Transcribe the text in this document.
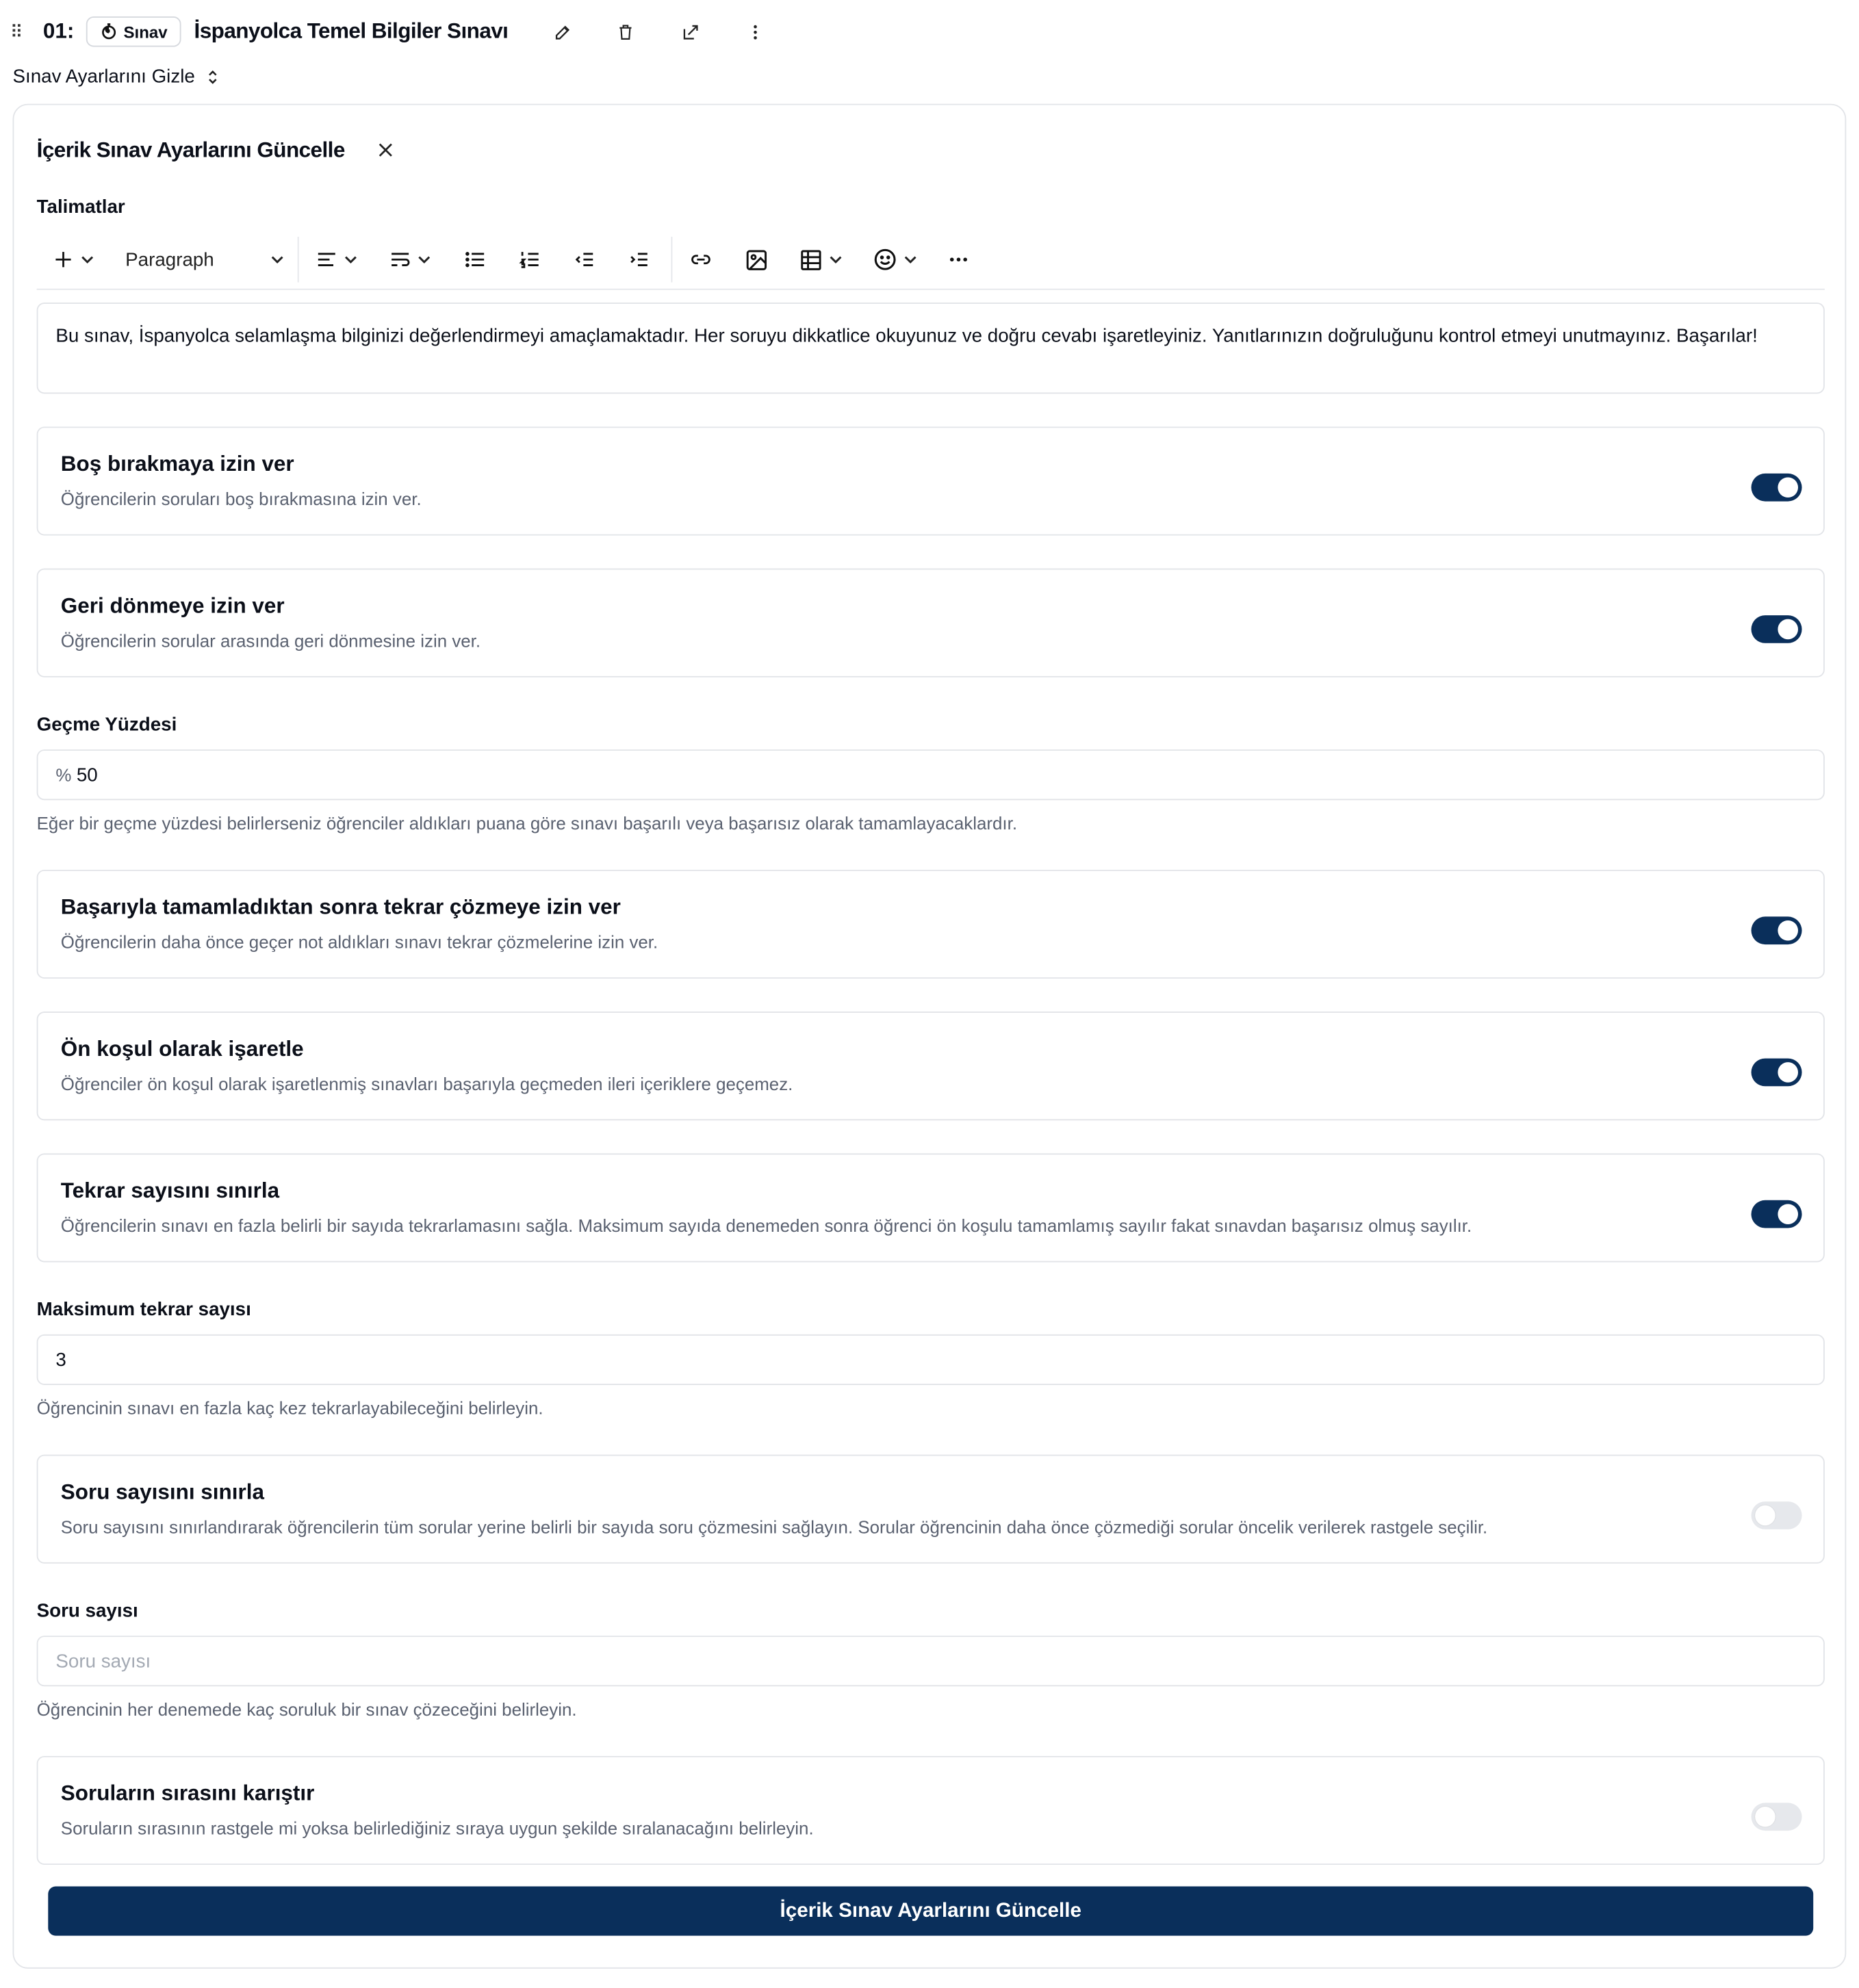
⠿	01:	Sınav İspanyolca Temel Bilgiler Sınavı
Sınav Ayarlarını Gizle
İçerik Sınav Ayarlarını Güncelle
Talimatlar
Paragraph
Bu sınav, İspanyolca selamlaşma bilginizi değerlendirmeyi amaçlamaktadır. Her soruyu dikkatlice okuyunuz ve doğru cevabı işaretleyiniz. Yanıtlarınızın doğruluğunu kontrol etmeyi unutmayınız. Başarılar!
Boş bırakmaya izin ver
Öğrencilerin soruları boş bırakmasına izin ver.
Geri dönmeye izin ver
Öğrencilerin sorular arasında geri dönmesine izin ver.
Geçme Yüzdesi
% 50
Eğer bir geçme yüzdesi belirlerseniz öğrenciler aldıkları puana göre sınavı başarılı veya başarısız olarak tamamlayacaklardır.
Başarıyla tamamladıktan sonra tekrar çözmeye izin ver
Öğrencilerin daha önce geçer not aldıkları sınavı tekrar çözmelerine izin ver.
Ön koşul olarak işaretle
Öğrenciler ön koşul olarak işaretlenmiş sınavları başarıyla geçmeden ileri içeriklere geçemez.
Tekrar sayısını sınırla
Öğrencilerin sınavı en fazla belirli bir sayıda tekrarlamasını sağla. Maksimum sayıda denemeden sonra öğrenci ön koşulu tamamlamış sayılır fakat sınavdan başarısız olmuş sayılır.
Maksimum tekrar sayısı
3
Öğrencinin sınavı en fazla kaç kez tekrarlayabileceğini belirleyin.
Soru sayısını sınırla
Soru sayısını sınırlandırarak öğrencilerin tüm sorular yerine belirli bir sayıda soru çözmesini sağlayın. Sorular öğrencinin daha önce çözmediği sorular öncelik verilerek rastgele seçilir.
Soru sayısı
Soru sayısı
Öğrencinin her denemede kaç soruluk bir sınav çözeceğini belirleyin.
Soruların sırasını karıştır
Soruların sırasının rastgele mi yoksa belirlediğiniz sıraya uygun şekilde sıralanacağını belirleyin.
İçerik Sınav Ayarlarını Güncelle
